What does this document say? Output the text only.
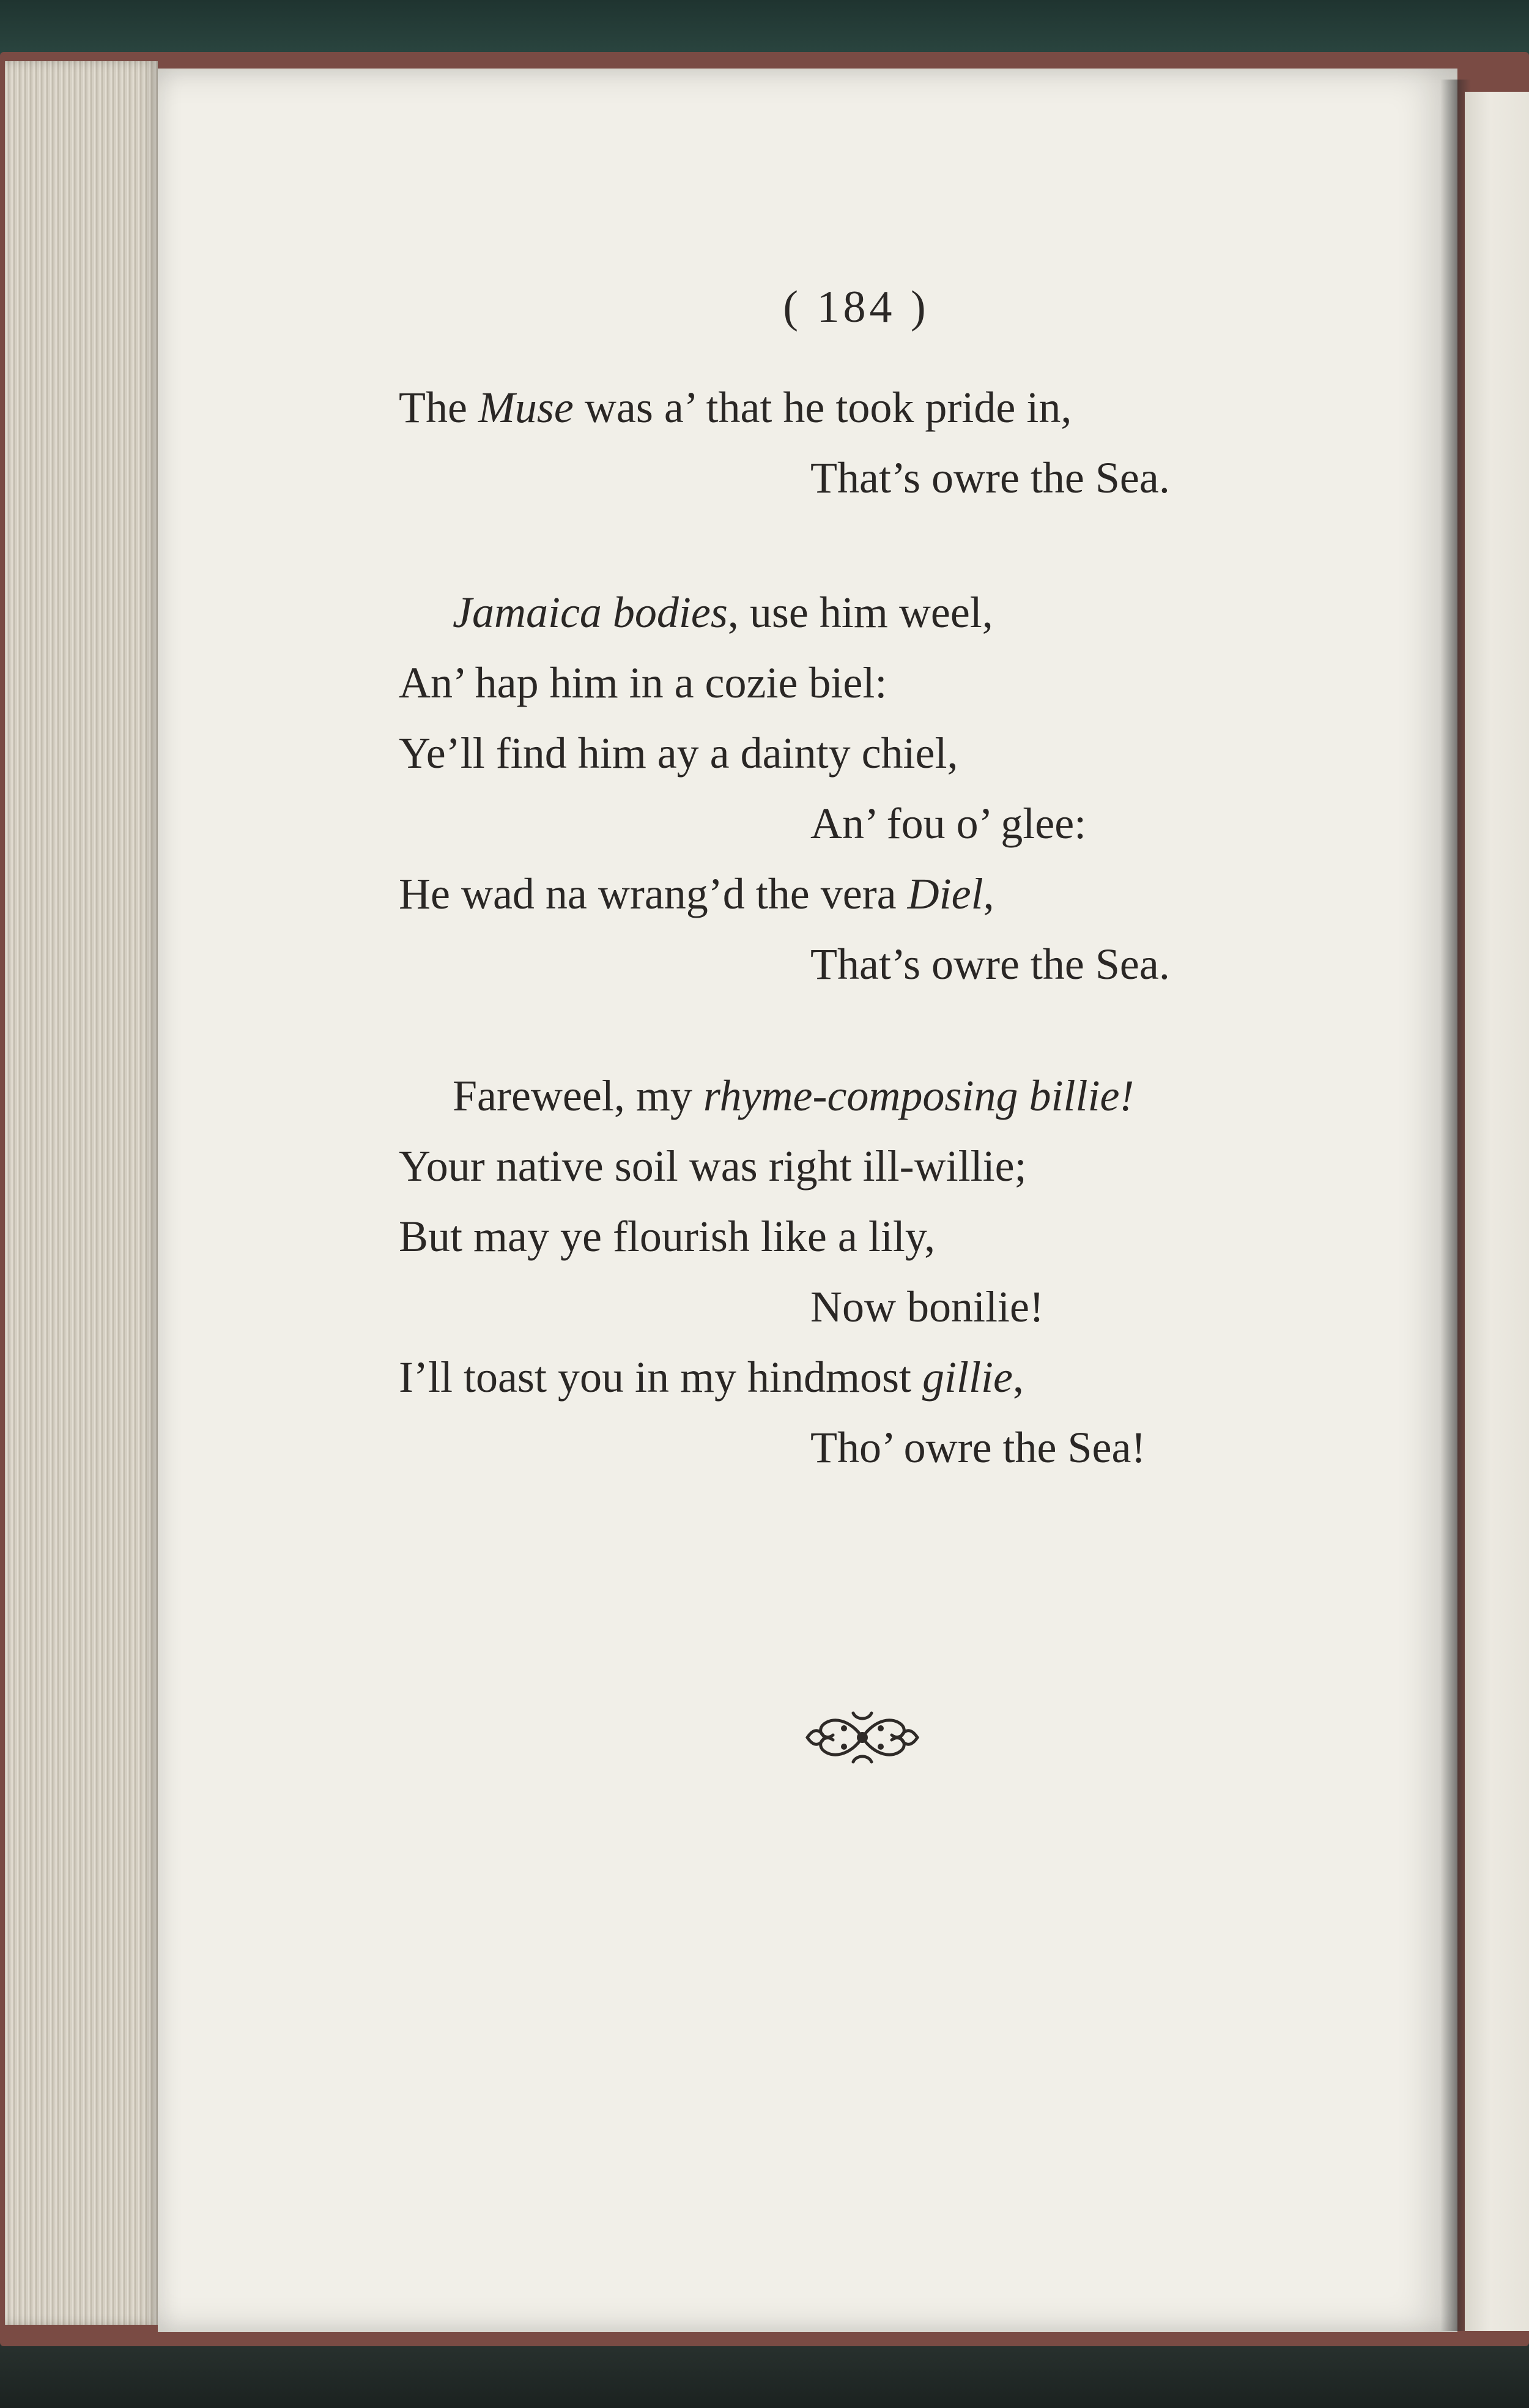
( 184 )
The Muse was a’ that he took pride in,
That’s owre the Sea.
Jamaica bodies, use him weel,
An’ hap him in a cozie biel:
Ye’ll find him ay a dainty chiel,
An’ fou o’ glee:
He wad na wrang’d the vera Diel,
That’s owre the Sea.
Fareweel, my rhyme-composing billie!
Your native soil was right ill-willie;
But may ye flourish like a lily,
Now bonilie!
I’ll toast you in my hindmost gillie,
Tho’ owre the Sea!
